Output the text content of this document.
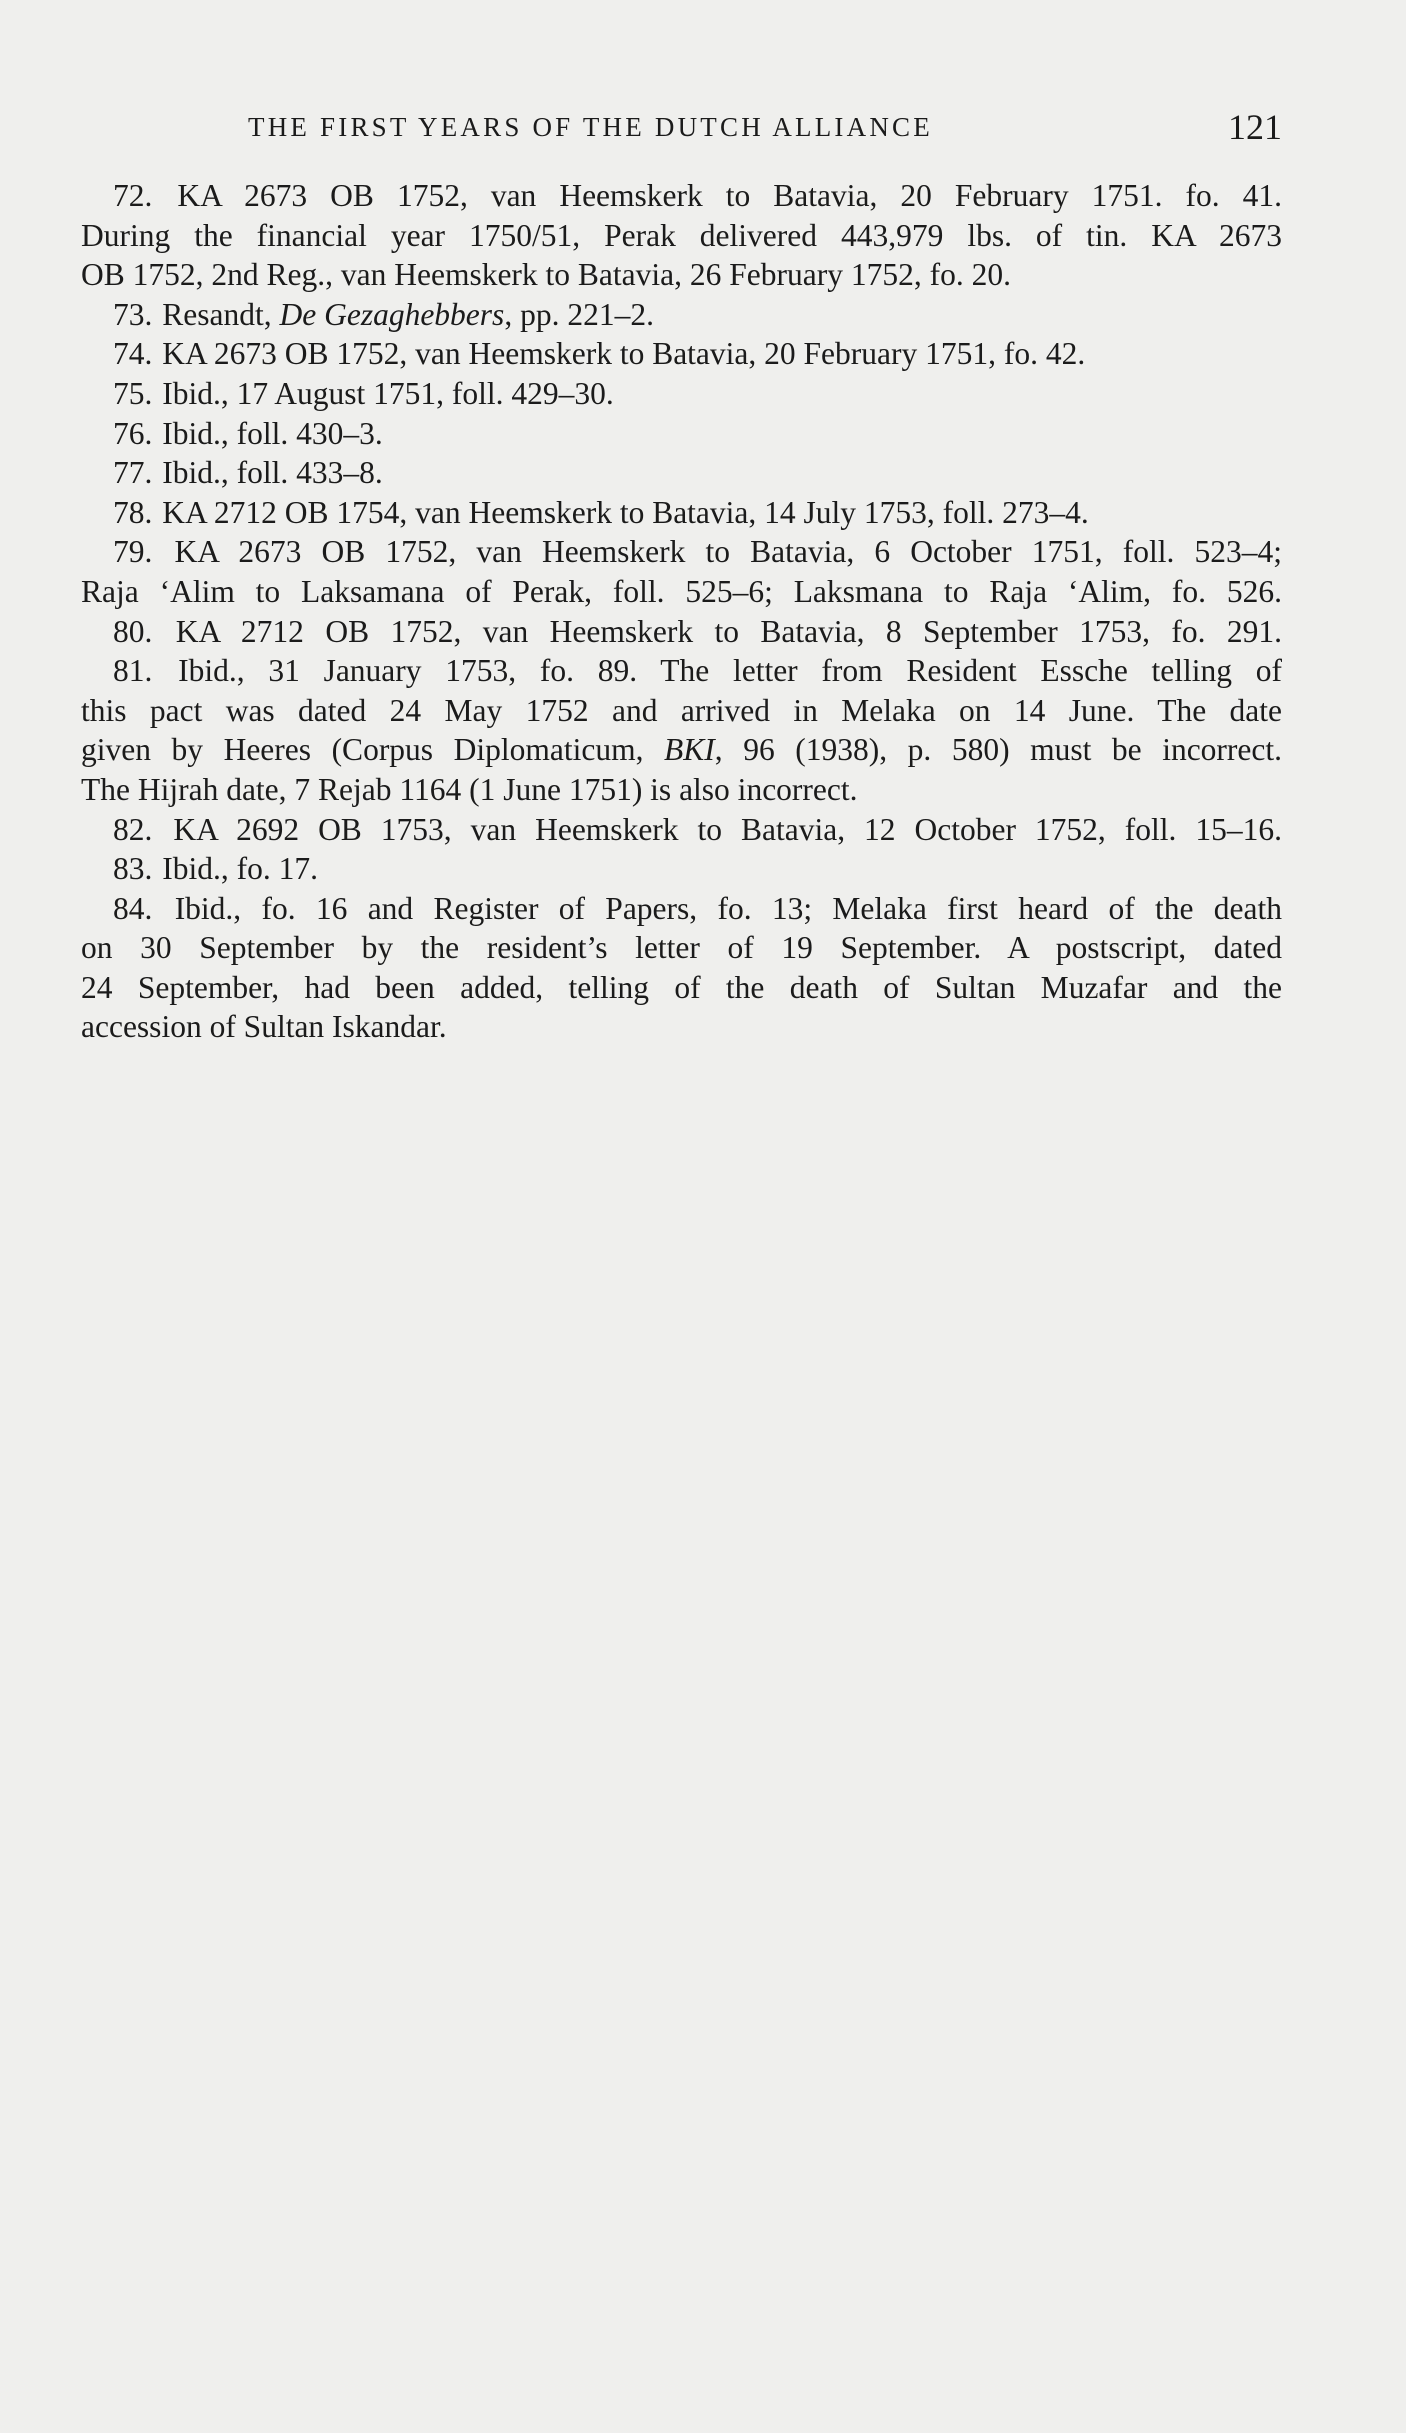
THE FIRST YEARS OF THE DUTCH ALLIANCE	121
72. KA 2673 OB 1752, van Heemskerk to Batavia, 20 February 1751. fo. 41.
During the financial year 1750/51, Perak delivered 443,979 lbs. of tin. KA 2673
OB 1752, 2nd Reg., van Heemskerk to Batavia, 26 February 1752, fo. 20.
73. Resandt, De Gezaghebbers, pp. 221–2.
74. KA 2673 OB 1752, van Heemskerk to Batavia, 20 February 1751, fo. 42.
75. Ibid., 17 August 1751, foll. 429–30.
76. Ibid., foll. 430–3.
77. Ibid., foll. 433–8.
78. KA 2712 OB 1754, van Heemskerk to Batavia, 14 July 1753, foll. 273–4.
79. KA 2673 OB 1752, van Heemskerk to Batavia, 6 October 1751, foll. 523–4;
Raja ‘Alim to Laksamana of Perak, foll. 525–6; Laksmana to Raja ‘Alim, fo. 526.
80. KA 2712 OB 1752, van Heemskerk to Batavia, 8 September 1753, fo. 291.
81. Ibid., 31 January 1753, fo. 89. The letter from Resident Essche telling of
this pact was dated 24 May 1752 and arrived in Melaka on 14 June. The date
given by Heeres (Corpus Diplomaticum, BKI, 96 (1938), p. 580) must be incorrect.
The Hijrah date, 7 Rejab 1164 (1 June 1751) is also incorrect.
82. KA 2692 OB 1753, van Heemskerk to Batavia, 12 October 1752, foll. 15–16.
83. Ibid., fo. 17.
84. Ibid., fo. 16 and Register of Papers, fo. 13; Melaka first heard of the death
on 30 September by the resident’s letter of 19 September. A postscript, dated
24 September, had been added, telling of the death of Sultan Muzafar and the
accession of Sultan Iskandar.
